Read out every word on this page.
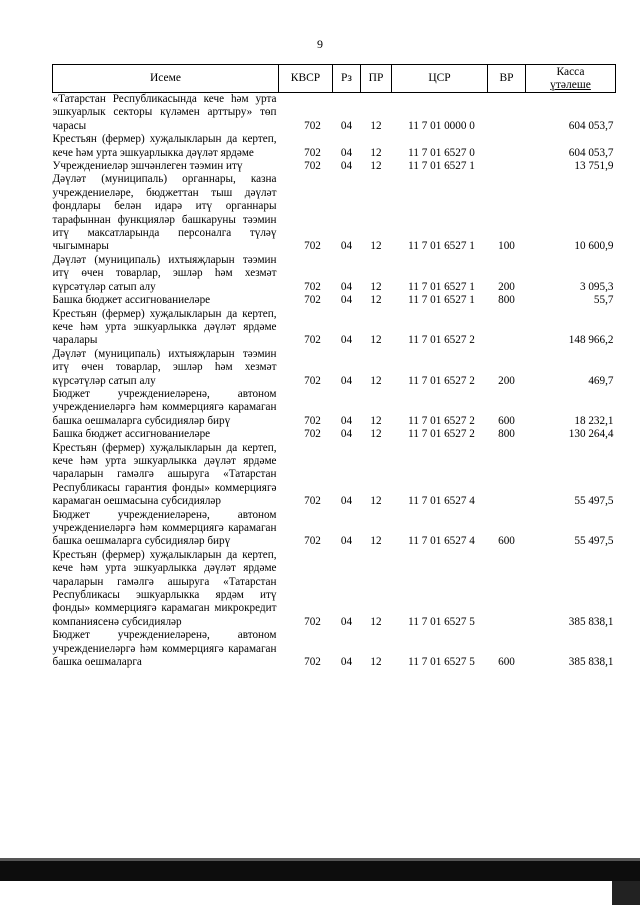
9
Исеме	КВСР	Рз	ПР	ЦСР	ВР	Касса
үтәлеше

«Татарстан Республикасында кече һәм урта эшкуарлык секторы күләмен арттыру» төп чарасы	702	04	12	11 7 01 0000 0		604 053,7
Крестьян (фермер) хуҗалыкларын да кертеп, кече һәм урта эшкуарлыкка дәүләт ярдәме	702	04	12	11 7 01 6527 0		604 053,7
Учреждениеләр эшчәнлеген тәэмин итү	702	04	12	11 7 01 6527 1		13 751,9
Дәүләт (муниципаль) органнары, казна учреждениеләре, бюджеттан тыш дәүләт фондлары белән идарә итү органнары тарафыннан функцияләр башкаруны тәэмин итү максатларында персоналга түләү чыгымнары	702	04	12	11 7 01 6527 1	100	10 600,9
Дәүләт (муниципаль) ихтыяҗларын тәэмин итү өчен товарлар, эшләр һәм хезмәт күрсәтүләр сатып алу	702	04	12	11 7 01 6527 1	200	3 095,3
Башка бюджет ассигнованиеләре	702	04	12	11 7 01 6527 1	800	55,7
Крестьян (фермер) хуҗалыкларын да кертеп, кече һәм урта эшкуарлыкка дәүләт ярдәме чаралары	702	04	12	11 7 01 6527 2		148 966,2
Дәүләт (муниципаль) ихтыяҗларын тәэмин итү өчен товарлар, эшләр һәм хезмәт күрсәтүләр сатып алу	702	04	12	11 7 01 6527 2	200	469,7
Бюджет учреждениеләренә, автоном учреждениеләргә һәм коммерциягә карамаган башка оешмаларга субсидияләр бирү	702	04	12	11 7 01 6527 2	600	18 232,1
Башка бюджет ассигнованиеләре	702	04	12	11 7 01 6527 2	800	130 264,4
Крестьян (фермер) хуҗалыкларын да кертеп, кече һәм урта эшкуарлыкка дәүләт ярдәме чараларын гамәлгә ашыруга «Татарстан Республикасы гарантия фонды» коммерциягә карамаган оешмасына субсидияләр	702	04	12	11 7 01 6527 4		55 497,5
Бюджет учреждениеләренә, автоном учреждениеләргә һәм коммерциягә карамаган башка оешмаларга субсидияләр бирү	702	04	12	11 7 01 6527 4	600	55 497,5
Крестьян (фермер) хуҗалыкларын да кертеп, кече һәм урта эшкуарлыкка дәүләт ярдәме чараларын гамәлгә ашыруга «Татарстан Республикасы эшкуарлыкка ярдәм итү фонды» коммерциягә карамаган микрокредит компаниясенә субсидияләр	702	04	12	11 7 01 6527 5		385 838,1
Бюджет учреждениеләренә, автоном учреждениеләргә һәм коммерциягә карамаган башка оешмаларга	702	04	12	11 7 01 6527 5	600	385 838,1
